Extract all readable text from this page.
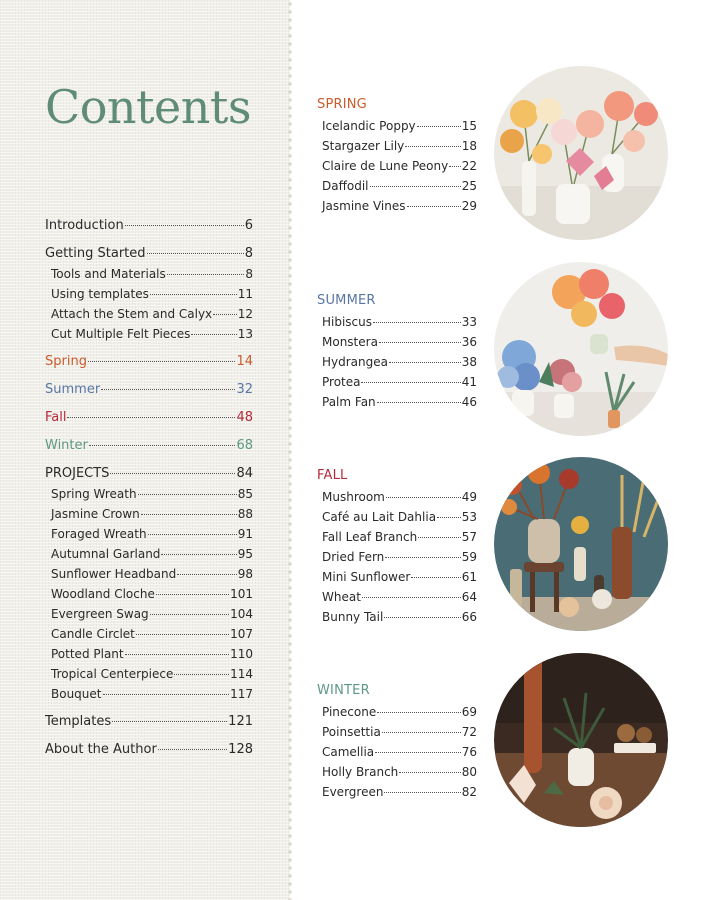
Contents
Introduction	6
Getting Started	8
Tools and Materials	8
Using templates	11
Attach the Stem and Calyx 12
Cut Multiple Felt Pieces	13
Spring	14
Summer	32
Fall	48
Winter	68
PROJECTS	84
Spring Wreath	85
Jasmine Crown	88
Foraged Wreath	91
Autumnal Garland	95
Sunflower Headband	98
Woodland Cloche	101
Evergreen Swag	104
Candle Circlet	107
Potted Plant	110
Tropical Centerpiece	114
Bouquet	117
Templates	121
About the Author	128
SPRING
Icelandic Poppy	15
Stargazer Lily	18
Claire de Lune Peony 22
Daffodil	25
Jasmine Vines	29
SUMMER
Hibiscus	33
Monstera	36
Hydrangea	38
Protea	41
Palm Fan	46
FALL
Mushroom	49
Café au Lait Dahlia 53
Fall Leaf Branch	57
Dried Fern	59
Mini Sunflower	61
Wheat	64
Bunny Tail	66
WINTER
Pinecone	69
Poinsettia	72
Camellia	76
Holly Branch	80
Evergreen	82
